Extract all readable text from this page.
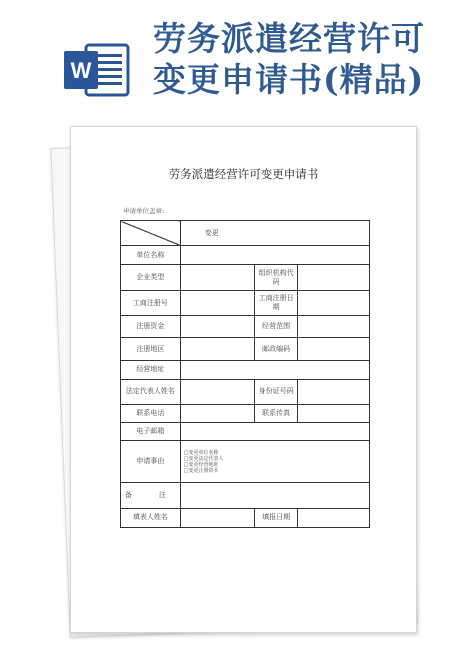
W
劳务派遣经营许可
变更申请书(精品)
劳务派遣经营许可变更申请书
申请单位盖章:
	变更		
单位名称			
企业类型		组织机构代码	
工商注册号		工商注册日期	
注册资金		经营范围	
注册地区		邮政编码	
经营地址			
法定代表人姓名		身份证号码	
联系电话		联系传真	
电子邮箱			
申请事由	□变更单位名称
□变更法定代表人
□变更经营地址
□变更注册资本		

备　注			
填表人姓名		填报日期	
